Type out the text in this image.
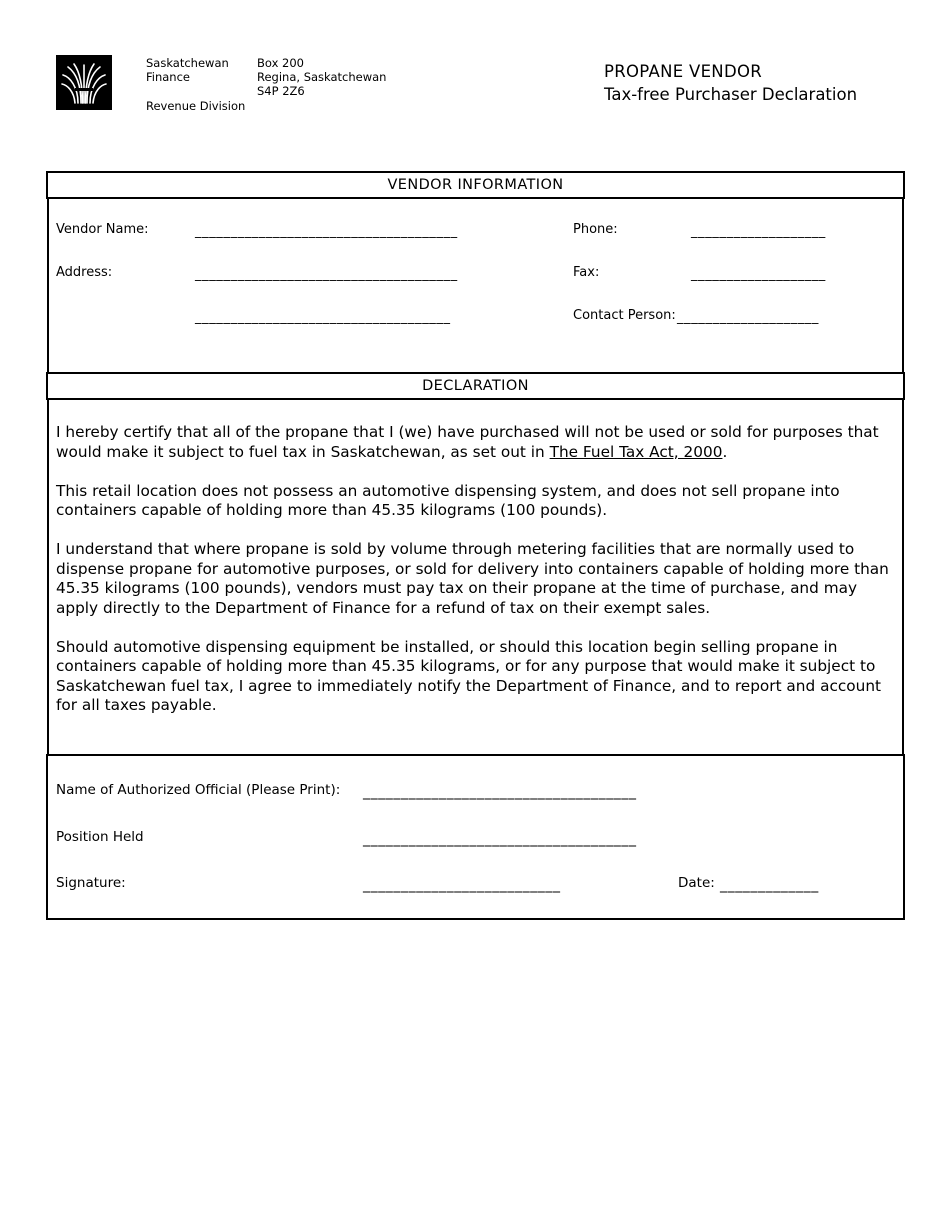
Saskatchewan
Finance
Revenue Division
Box 200
Regina, Saskatchewan
S4P 2Z6
PROPANE VENDOR
Tax-free Purchaser Declaration
VENDOR INFORMATION
Vendor Name:	_____________________________________
Address:	_____________________________________
____________________________________
Phone:	___________________
Fax:	___________________
Contact Person: ____________________
DECLARATION

I hereby certify that all of the propane that I (we) have purchased will not be used or sold for purposes that would make it subject to fuel tax in Saskatchewan, as set out in The Fuel Tax Act, 2000.

This retail location does not possess an automotive dispensing system, and does not sell propane into containers capable of holding more than 45.35 kilograms (100 pounds).

I understand that where propane is sold by volume through metering facilities that are normally used to dispense propane for automotive purposes, or sold for delivery into containers capable of holding more than 45.35 kilograms (100 pounds), vendors must pay tax on their propane at the time of purchase, and may apply directly to the Department of Finance for a refund of tax on their exempt sales.

Should automotive dispensing equipment be installed, or should this location begin selling propane in containers capable of holding more than 45.35 kilograms, or for any purpose that would make it subject to Saskatchewan fuel tax, I agree to immediately notify the Department of Finance, and to report and account for all taxes payable.

Name of Authorized Official (Please Print): ____________________________________
Position Held	____________________________________
Signature:	__________________________	Date: _____________
